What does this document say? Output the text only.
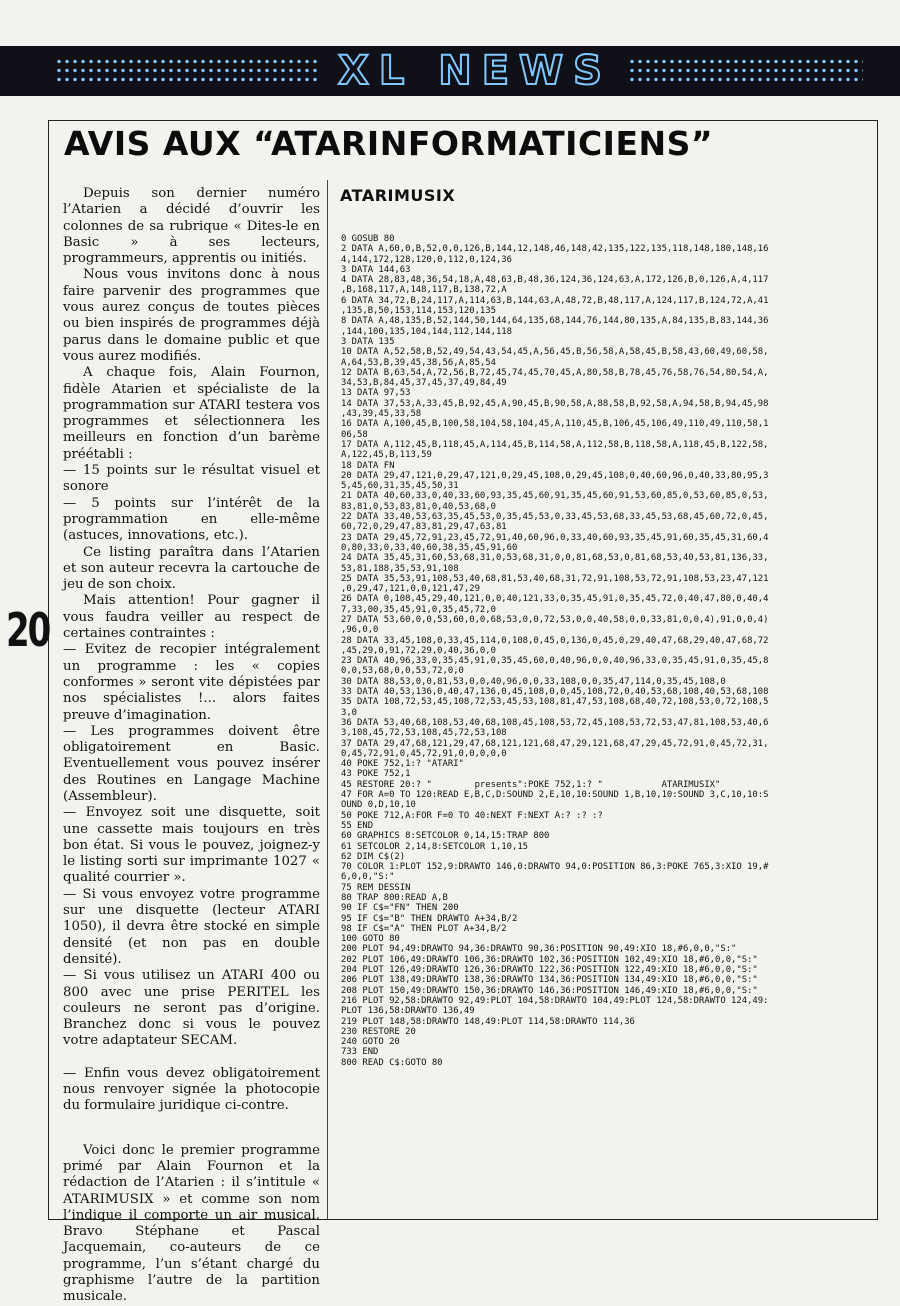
XL NEWS
AVIS AUX “ATARINFORMATICIENS”
20

Depuis son dernier numéro l’Atarien a décidé d’ouvrir les colonnes de sa rubrique « Dites-le en Basic » à ses lecteurs, programmeurs, apprentis ou initiés.

Nous vous invitons donc à nous faire parvenir des programmes que vous aurez conçus de toutes pièces ou bien inspirés de programmes déjà parus dans le domaine public et que vous aurez modifiés.

A chaque fois, Alain Fournon, fidèle Atarien et spécialiste de la programmation sur ATARI testera vos programmes et sélectionnera les meilleurs en fonction d’un barème préétabli :

— 15 points sur le résultat visuel et sonore

— 5 points sur l’intérêt de la programmation en elle-même (astuces, innovations, etc.).

Ce listing paraîtra dans l’Atarien et son auteur recevra la cartouche de jeu de son choix.

Mais attention! Pour gagner il vous faudra veiller au respect de certaines contraintes :

— Evitez de recopier intégralement un programme : les « copies conformes » seront vite dépistées par nos spécialistes !... alors faites preuve d’imagination.

— Les programmes doivent être obligatoirement en Basic. Eventuellement vous pouvez insérer des Routines en Langage Machine (Assembleur).

— Envoyez soit une disquette, soit une cassette mais toujours en très bon état. Si vous le pouvez, joignez-y le listing sorti sur imprimante 1027 « qualité courrier ».

— Si vous envoyez votre programme sur une disquette (lecteur ATARI 1050), il devra être stocké en simple densité (et non pas en double densité).

— Si vous utilisez un ATARI 400 ou 800 avec une prise PERITEL les couleurs ne seront pas d’origine. Branchez donc si vous le pouvez votre adaptateur SECAM.

— Enfin vous devez obligatoirement nous renvoyer signée la photocopie du formulaire juridique ci-contre.

Voici donc le premier programme primé par Alain Fournon et la rédaction de l’Atarien : il s’intitule « ATARIMUSIX » et comme son nom l’indique il comporte un air musical. Bravo Stéphane et Pascal Jacquemain, co-auteurs de ce programme, l’un s’étant chargé du graphisme l’autre de la partition musicale.

ATARIMUSIX
0 GOSUB 80
2 DATA A,60,0,B,52,0,0,126,B,144,12,148,46,148,42,135,122,135,118,148,180,148,16
4,144,172,128,120,0,112,0,124,36
3 DATA 144,63
4 DATA 28,83,48,36,54,18,A,48,63,B,48,36,124,36,124,63,A,172,126,B,0,126,A,4,117
,B,168,117,A,148,117,B,138,72,A
6 DATA 34,72,B,24,117,A,114,63,B,144,63,A,48,72,B,48,117,A,124,117,B,124,72,A,41
,135,B,50,153,114,153,120,135
8 DATA A,48,135,B,52,144,50,144,64,135,68,144,76,144,80,135,A,84,135,B,83,144,36
,144,100,135,104,144,112,144,118
3 DATA 135
10 DATA A,52,58,B,52,49,54,43,54,45,A,56,45,B,56,58,A,58,45,B,58,43,60,49,60,58,
A,64,53,B,39,45,38,56,A,85,54
12 DATA B,63,54,A,72,56,B,72,45,74,45,70,45,A,80,58,B,78,45,76,58,76,54,80,54,A,
34,53,B,84,45,37,45,37,49,84,49
13 DATA 97,53
14 DATA 37,53,A,33,45,B,92,45,A,90,45,B,90,58,A,88,58,B,92,58,A,94,58,B,94,45,98
,43,39,45,33,58
16 DATA A,100,45,B,100,58,104,58,104,45,A,110,45,B,106,45,106,49,110,49,110,58,1
06,58
17 DATA A,112,45,B,118,45,A,114,45,B,114,58,A,112,58,B,118,58,A,118,45,B,122,58,
A,122,45,B,113,59
18 DATA FN
20 DATA 29,47,121,0,29,47,121,0,29,45,108,0,29,45,108,0,40,60,96,0,40,33,80,95,3
5,45,60,31,35,45,50,31
21 DATA 40,60,33,0,40,33,60,93,35,45,60,91,35,45,60,91,53,60,85,0,53,60,85,0,53,
83,81,0,53,83,81,0,40,53,68,0
22 DATA 33,40,53,63,35,45,53,0,35,45,53,0,33,45,53,68,33,45,53,68,45,60,72,0,45,
60,72,0,29,47,83,81,29,47,63,81
23 DATA 29,45,72,91,23,45,72,91,40,60,96,0,33,40,60,93,35,45,91,60,35,45,31,60,4
0,80,33,0,33,40,60,38,35,45,91,60
24 DATA 35,45,31,60,53,68,31,0,53,68,31,0,0,81,68,53,0,81,68,53,40,53,81,136,33,
53,81,188,35,53,91,108
25 DATA 35,53,91,108,53,40,68,81,53,40,68,31,72,91,108,53,72,91,108,53,23,47,121
,0,29,47,121,0,0,121,47,29
26 DATA 0,108,45,29,40,121,0,0,40,121,33,0,35,45,91,0,35,45,72,0,40,47,80,0,40,4
7,33,00,35,45,91,0,35,45,72,0
27 DATA 53,60,0,0,53,60,0,0,68,53,0,0,72,53,0,0,40,58,0,0,33,81,0,0,4),91,0,0,4)
,96,0,0
28 DATA 33,45,108,0,33,45,114,0,108,0,45,0,136,0,45,0,29,40,47,68,29,40,47,68,72
,45,29,0,91,72,29,0,40,36,0,0
23 DATA 40,96,33,0,35,45,91,0,35,45,60,0,40,96,0,0,40,96,33,0,35,45,91,0,35,45,8
0,0,53,68,0,0,53,72,0,0
30 DATA 88,53,0,0,81,53,0,0,40,96,0,0,33,108,0,0,35,47,114,0,35,45,108,0
33 DATA 40,53,136,0,40,47,136,0,45,108,0,0,45,108,72,0,40,53,68,108,40,53,68,108
35 DATA 108,72,53,45,108,72,53,45,53,108,81,47,53,108,68,40,72,108,53,0,72,108,5
3,0
36 DATA 53,40,68,108,53,40,68,108,45,108,53,72,45,108,53,72,53,47,81,108,53,40,6
3,108,45,72,53,108,45,72,53,108
37 DATA 29,47,68,121,29,47,68,121,121,68,47,29,121,68,47,29,45,72,91,0,45,72,31,
0,45,72,91,0,45,72,91,0,0,0,0,0
40 POKE 752,1:? "ATARI"
43 POKE 752,1
45 RESTORE 20:? "        presents":POKE 752,1:? "           ATARIMUSIX"
47 FOR A=0 TO 120:READ E,B,C,D:SOUND 2,E,10,10:SOUND 1,B,10,10:SOUND 3,C,10,10:S
OUND 0,D,10,10
50 POKE 712,A:FOR F=0 TO 40:NEXT F:NEXT A:? :? :?
55 END
60 GRAPHICS 8:SETCOLOR 0,14,15:TRAP 800
61 SETCOLOR 2,14,8:SETCOLOR 1,10,15
62 DIM C$(2)
70 COLOR 1:PLOT 152,9:DRAWTO 146,0:DRAWTO 94,0:POSITION 86,3:POKE 765,3:XIO 19,#
6,0,0,"S:"
75 REM DESSIN
80 TRAP 800:READ A,B
90 IF C$="FN" THEN 200
95 IF C$="B" THEN DRAWTO A+34,B/2
98 IF C$="A" THEN PLOT A+34,B/2
100 GOTO 80
200 PLOT 94,49:DRAWTO 94,36:DRAWTO 90,36:POSITION 90,49:XIO 18,#6,0,0,"S:"
202 PLOT 106,49:DRAWTO 106,36:DRAWTO 102,36:POSITION 102,49:XIO 18,#6,0,0,"S:"
204 PLOT 126,49:DRAWTO 126,36:DRAWTO 122,36:POSITION 122,49:XIO 18,#6,0,0,"S:"
206 PLOT 138,49:DRAWTO 138,36:DRAWTO 134,36:POSITION 134,49:XIO 18,#6,0,0,"S:"
208 PLOT 150,49:DRAWTO 150,36:DRAWTO 146,36:POSITION 146,49:XIO 18,#6,0,0,"S:"
216 PLOT 92,58:DRAWTO 92,49:PLOT 104,58:DRAWTO 104,49:PLOT 124,58:DRAWTO 124,49:
PLOT 136,58:DRAWTO 136,49
219 PLOT 148,58:DRAWTO 148,49:PLOT 114,58:DRAWTO 114,36
230 RESTORE 20
240 GOTO 20
733 END
800 READ C$:GOTO 80
